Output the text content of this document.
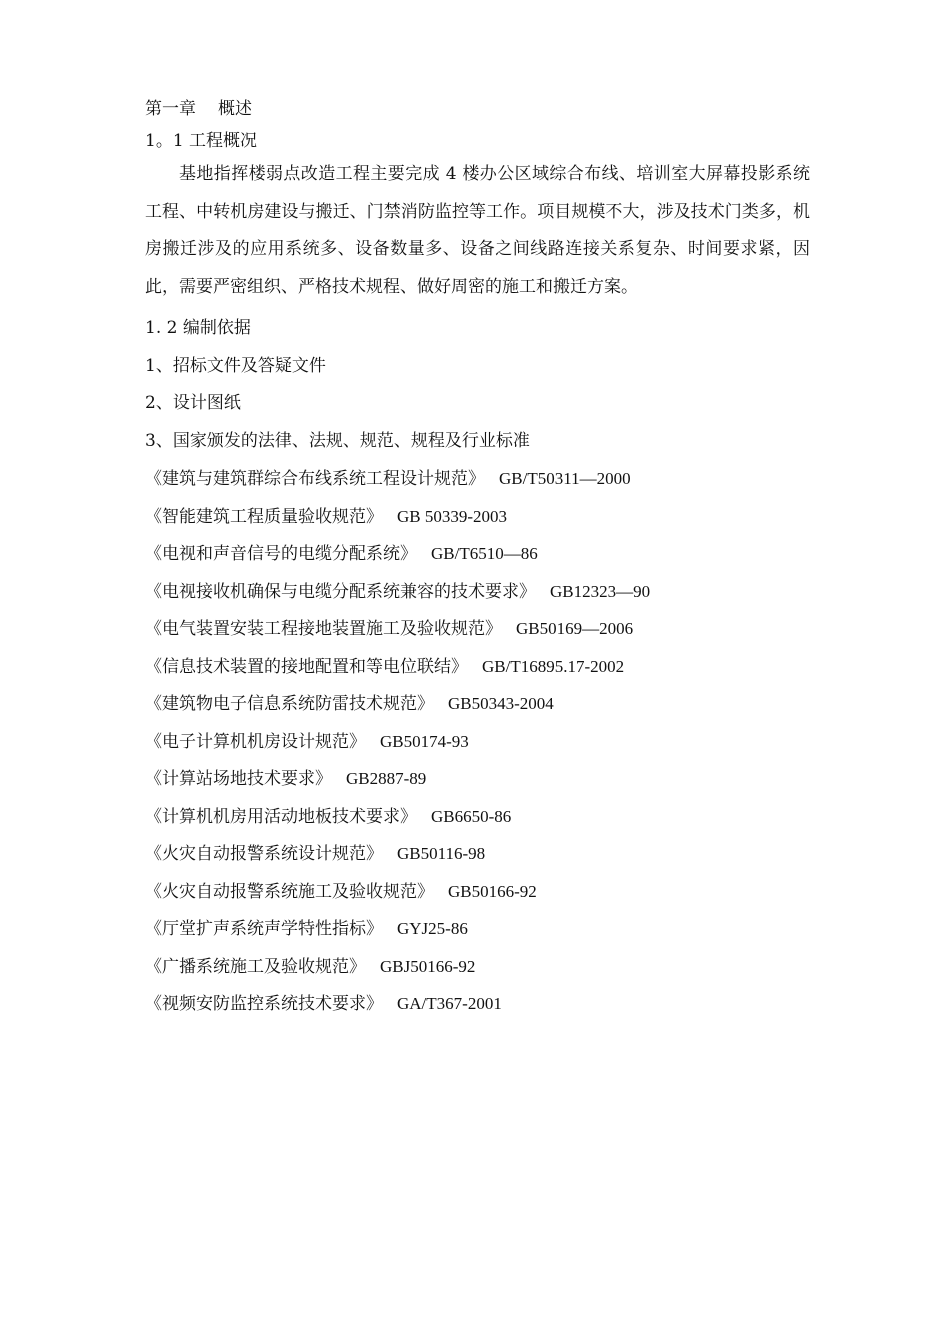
第一章 概述
1。1 工程概况

基地指挥楼弱点改造工程主要完成 4 楼办公区域综合布线、培训室大屏幕投影系统工程、中转机房建设与搬迁、门禁消防监控等工作。项目规模不大，涉及技术门类多，机房搬迁涉及的应用系统多、设备数量多、设备之间线路连接关系复杂、时间要求紧，因此，需要严密组织、严格技术规程、做好周密的施工和搬迁方案。

1. 2 编制依据
1、招标文件及答疑文件
2、设计图纸
3、国家颁发的法律、法规、规范、规程及行业标准
《建筑与建筑群综合布线系统工程设计规范》 GB/T50311—2000
《智能建筑工程质量验收规范》 GB 50339-2003
《电视和声音信号的电缆分配系统》 GB/T6510—86
《电视接收机确保与电缆分配系统兼容的技术要求》 GB12323—90
《电气装置安装工程接地装置施工及验收规范》 GB50169—2006
《信息技术装置的接地配置和等电位联结》 GB/T16895.17-2002
《建筑物电子信息系统防雷技术规范》 GB50343-2004
《电子计算机机房设计规范》 GB50174-93
《计算站场地技术要求》 GB2887-89
《计算机机房用活动地板技术要求》 GB6650-86
《火灾自动报警系统设计规范》 GB50116-98
《火灾自动报警系统施工及验收规范》 GB50166-92
《厅堂扩声系统声学特性指标》 GYJ25-86
《广播系统施工及验收规范》 GBJ50166-92
《视频安防监控系统技术要求》 GA/T367-2001
